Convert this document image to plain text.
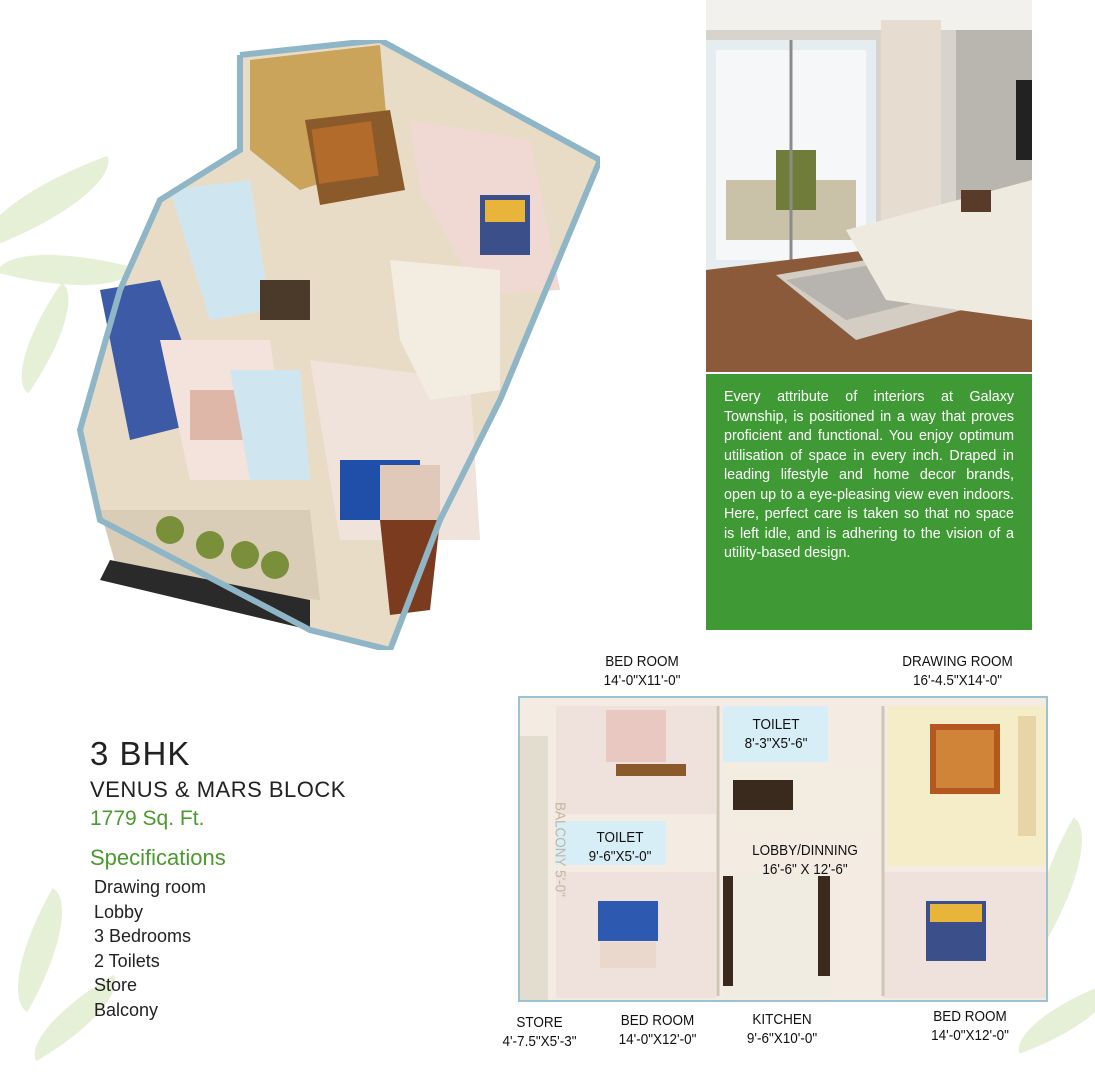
Every attribute of interiors at Galaxy Township, is positioned in a way that proves proficient and functional. You enjoy optimum utilisation of space in every inch. Draped in leading lifestyle and home decor brands, open up to a eye-pleasing view even indoors. Here, perfect care is taken so that no space is left idle, and is adhering to the vision of a utility-based design.
3 BHK
VENUS & MARS BLOCK
1779 Sq. Ft.
Specifications
Drawing room
Lobby
3 Bedrooms
2 Toilets
Store
Balcony
BED ROOM
14'-0"X11'-0"
DRAWING ROOM
16'-4.5"X14'-0"
TOILET
8'-3"X5'-6"
TOILET
9'-6"X5'-0"
BALCONY 5'-0"	LOBBY/DINNING
16'-6" X 12'-6"
STORE
4'-7.5"X5'-3"
BED ROOM
14'-0"X12'-0"
KITCHEN
9'-6"X10'-0"
BED ROOM
14'-0"X12'-0"
